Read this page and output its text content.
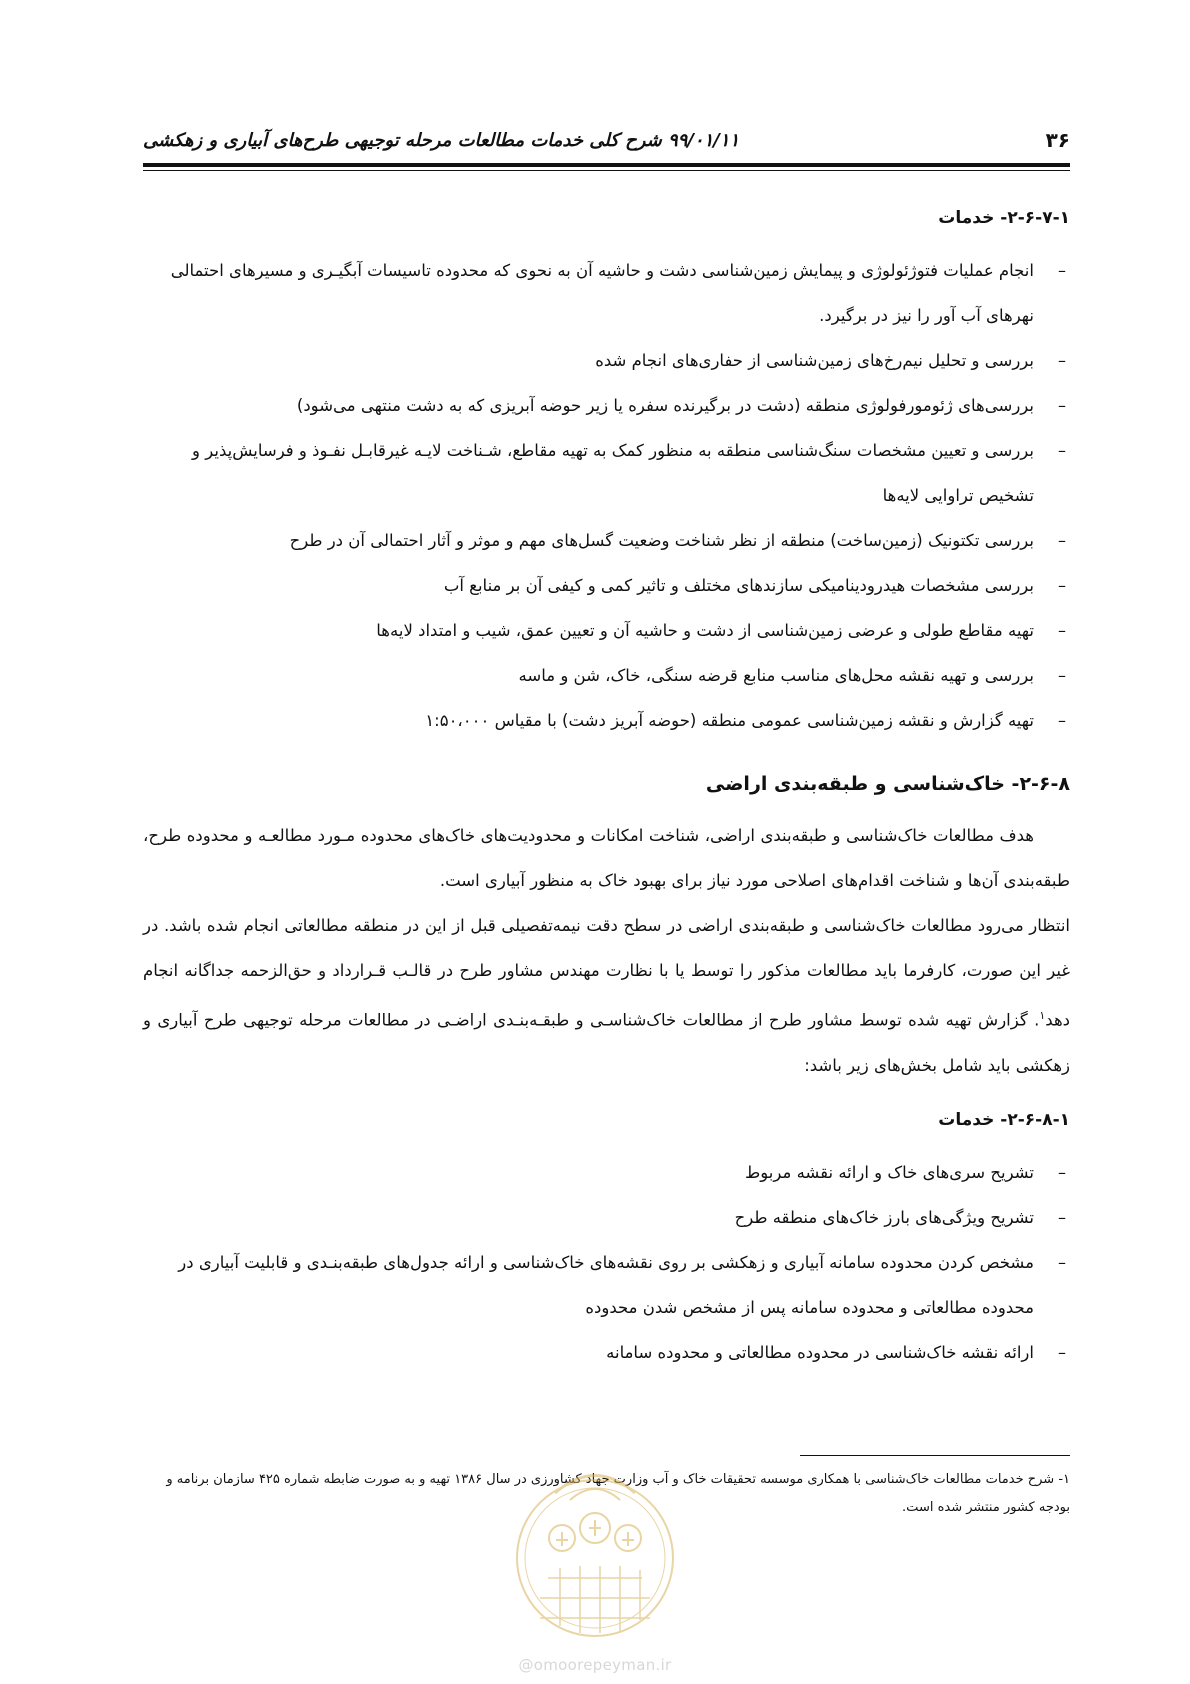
۳۶
۹۹/۰۱/۱۱ شرح کلی خدمات مطالعات مرحله توجیهی طرح‌های آبیاری و زهکشی
۲-۶-۷-۱- خدمات
–
انجام عملیات فتوژئولوژی و پیمایش زمین‌شناسی دشت و حاشیه آن به نحوی که محدوده تاسیسات آبگیـری و مسیرهای احتمالی نهرهای آب آور را نیز در برگیرد.
–
بررسی و تحلیل نیم‌رخ‌های زمین‌شناسی از حفاری‌های انجام شده
–
بررسی‌های ژئومورفولوژی منطقه (دشت در برگیرنده سفره یا زیر حوضه آبریزی که به دشت منتهی می‌شود)
–
بررسی و تعیین مشخصات سنگ‌شناسی منطقه به منظور کمک به تهیه مقاطع، شـناخت لایـه غیرقابـل نفـوذ و فرسایش‌پذیر و تشخیص تراوایی لایه‌ها
–
بررسی تکتونیک (زمین‌ساخت) منطقه از نظر شناخت وضعیت گسل‌های مهم و موثر و آثار احتمالی آن در طرح
–
بررسی مشخصات هیدرودینامیکی سازندهای مختلف و تاثیر کمی و کیفی آن بر منابع آب
–
تهیه مقاطع طولی و عرضی زمین‌شناسی از دشت و حاشیه آن و تعیین عمق، شیب و امتداد لایه‌ها
–
بررسی و تهیه نقشه محل‌های مناسب منابع قرضه سنگی، خاک، شن و ماسه
–
تهیه گزارش و نقشه زمین‌شناسی عمومی منطقه (حوضه آبریز دشت) با مقیاس ۱:۵۰،۰۰۰
۲-۶-۸- خاک‌شناسی و طبقه‌بندی اراضی

هدف مطالعات خاک‌شناسی و طبقه‌بندی اراضی، شناخت امکانات و محدودیت‌های خاک‌های محدوده مـورد مطالعـه و محدوده طرح، طبقه‌بندی آن‌ها و شناخت اقدام‌های اصلاحی مورد نیاز برای بهبود خاک به منظور آبیاری است.

انتظار می‌رود مطالعات خاک‌شناسی و طبقه‌بندی اراضی در سطح دقت نیمه‌تفصیلی قبل از این در منطقه مطالعاتی انجام شده باشد. در غیر این صورت، کارفرما باید مطالعات مذکور را توسط یا با نظارت مهندس مشاور طرح در قالـب قـرارداد و حق‌الزحمه جداگانه انجام دهد$^۱$. گزارش تهیه شده توسط مشاور طرح از مطالعات خاک‌شناسـی و طبقـه‌بنـدی اراضـی در مطالعات مرحله توجیهی طرح آبیاری و زهکشی باید شامل بخش‌های زیر باشد:

۲-۶-۸-۱- خدمات
–
تشریح سری‌های خاک و ارائه نقشه مربوط
–
تشریح ویژگی‌های بارز خاک‌های منطقه طرح
–
مشخص کردن محدوده سامانه آبیاری و زهکشی بر روی نقشه‌های خاک‌شناسی و ارائه جدول‌های طبقه‌بنـدی و قابلیت آبیاری در محدوده مطالعاتی و محدوده سامانه پس از مشخص شدن محدوده
–
ارائه نقشه خاک‌شناسی در محدوده مطالعاتی و محدوده سامانه
۱- شرح خدمات مطالعات خاک‌شناسی با همکاری موسسه تحقیقات خاک و آب وزارت جهاد کشاورزی در سال ۱۳۸۶ تهیه و به صورت ضابطه شماره ۴۲۵ سازمان برنامه و بودجه کشور منتشر شده است.
@omoorepeyman.ir
